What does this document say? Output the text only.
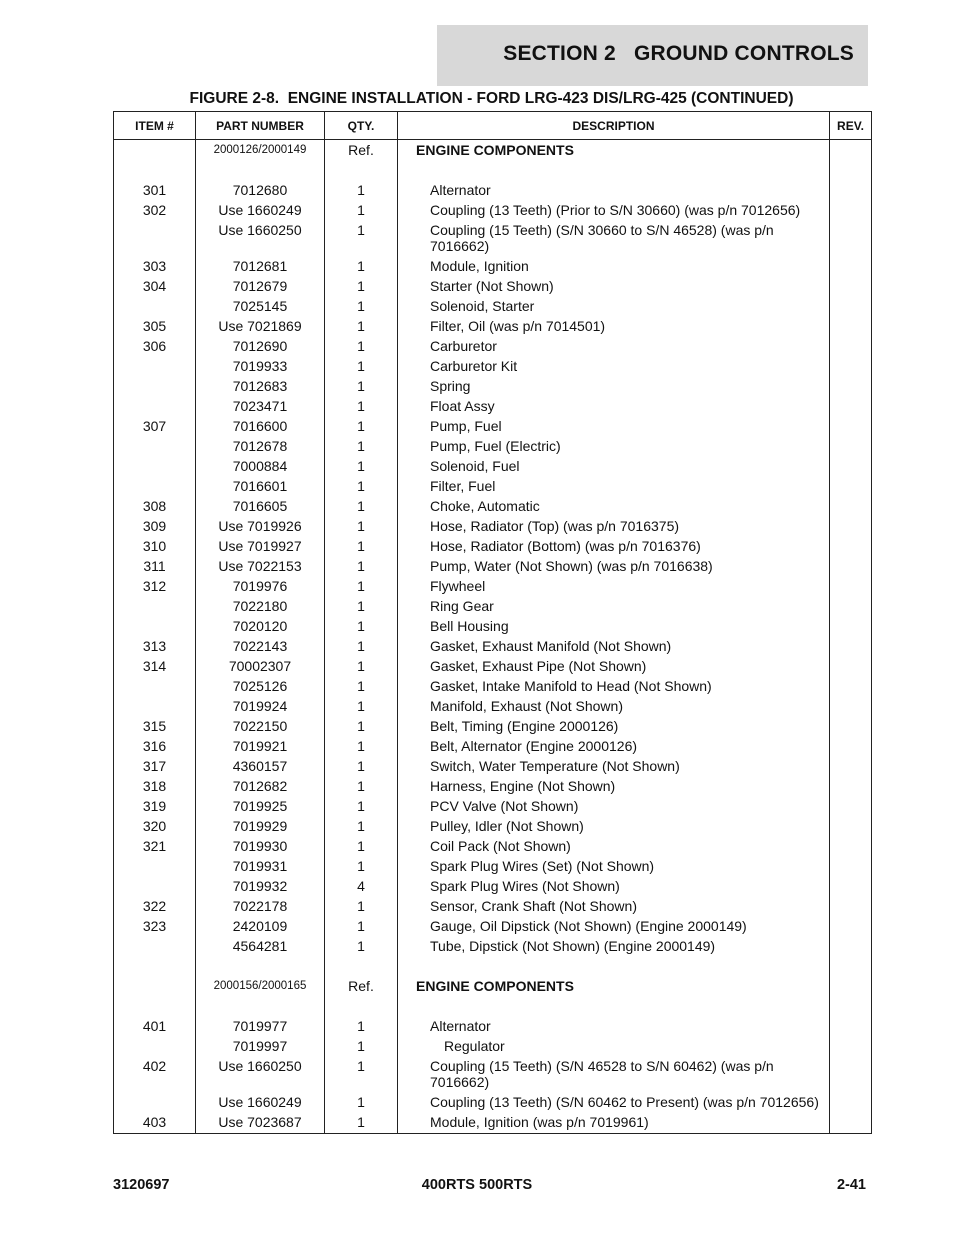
SECTION 2   GROUND CONTROLS
FIGURE 2-8.  ENGINE INSTALLATION - FORD LRG-423 DIS/LRG-425 (CONTINUED)
ITEM #	PART NUMBER	QTY.	DESCRIPTION	REV.
	2000126/2000149	Ref.	ENGINE COMPONENTS	

301	7012680	1	Alternator	
302	Use 1660249	1	Coupling (13 Teeth) (Prior to S/N 30660) (was p/n 7012656)	
	Use 1660250	1	Coupling (15 Teeth) (S/N 30660 to S/N 46528) (was p/n 7016662)	
303	7012681	1	Module, Ignition	
304	7012679	1	Starter (Not Shown)	
	7025145	1	Solenoid, Starter	
305	Use 7021869	1	Filter, Oil (was p/n 7014501)	
306	7012690	1	Carburetor	
	7019933	1	Carburetor Kit	
	7012683	1	Spring	
	7023471	1	Float Assy	
307	7016600	1	Pump, Fuel	
	7012678	1	Pump, Fuel (Electric)	
	7000884	1	Solenoid, Fuel	
	7016601	1	Filter, Fuel	
308	7016605	1	Choke, Automatic	
309	Use 7019926	1	Hose, Radiator (Top) (was p/n 7016375)	
310	Use 7019927	1	Hose, Radiator (Bottom) (was p/n 7016376)	
311	Use 7022153	1	Pump, Water (Not Shown) (was p/n 7016638)	
312	7019976	1	Flywheel	
	7022180	1	Ring Gear	
	7020120	1	Bell Housing	
313	7022143	1	Gasket, Exhaust Manifold (Not Shown)	
314	70002307	1	Gasket, Exhaust Pipe (Not Shown)	
	7025126	1	Gasket, Intake Manifold to Head (Not Shown)	
	7019924	1	Manifold, Exhaust (Not Shown)	
315	7022150	1	Belt, Timing (Engine 2000126)	
316	7019921	1	Belt, Alternator (Engine 2000126)	
317	4360157	1	Switch, Water Temperature (Not Shown)	
318	7012682	1	Harness, Engine (Not Shown)	
319	7019925	1	PCV Valve (Not Shown)	
320	7019929	1	Pulley, Idler (Not Shown)	
321	7019930	1	Coil Pack (Not Shown)	
	7019931	1	Spark Plug Wires (Set) (Not Shown)	
	7019932	4	Spark Plug Wires (Not Shown)	
322	7022178	1	Sensor, Crank Shaft (Not Shown)	
323	2420109	1	Gauge, Oil Dipstick (Not Shown) (Engine 2000149)	
	4564281	1	Tube, Dipstick (Not Shown) (Engine 2000149)	

	2000156/2000165	Ref.	ENGINE COMPONENTS	

401	7019977	1	Alternator	
	7019997	1	Regulator	
402	Use 1660250	1	Coupling (15 Teeth) (S/N 46528 to S/N 60462) (was p/n 7016662)	
	Use 1660249	1	Coupling (13 Teeth) (S/N 60462 to Present) (was p/n 7012656)	
403	Use 7023687	1	Module, Ignition (was p/n 7019961)	
3120697	400RTS 500RTS	2-41
